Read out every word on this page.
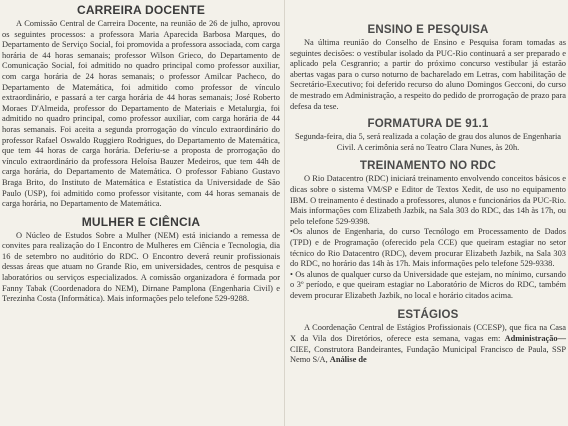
CARREIRA DOCENTE

A Comissão Central de Carreira Docente, na reunião de 26 de julho, aprovou os seguintes processos: a professora Maria Aparecida Barbosa Marques, do Departamento de Serviço Social, foi promovida a professora associada, com carga horária de 44 horas semanais; professor Wilson Grieco, do Departamento de Comunicação Social, foi admitido no quadro principal como professor auxiliar, com carga horária de 24 horas semanais; o professor Amilcar Pacheco, do Departamento de Matemática, foi admitido como professor de vínculo extraordinário, e passará a ter carga horária de 44 horas semanais; José Roberto Moraes D'Almeida, professor do Departamento de Materiais e Metalurgia, foi admitido no quadro principal, como professor auxiliar, com carga horária de 44 horas semanais. Foi aceita a segunda prorrogação do vínculo extraordinário do professor Rafael Oswaldo Ruggiero Rodrigues, do Departamento de Matemática, que tem 44 horas de carga horária. Deferiu-se a proposta de prorrogação do vínculo extraordinário da professora Heloísa Bauzer Medeiros, que tem 44h de carga horária, do Departamento de Matemática. O professor Fabiano Gustavo Braga Brito, do Instituto de Matemática e Estatística da Universidade de São Paulo (USP), foi admitido como professor visitante, com 44 horas semanais de carga horária, no Departamento de Matemática.

MULHER E CIÊNCIA

O Núcleo de Estudos Sobre a Mulher (NEM) está iniciando a remessa de convites para realização do I Encontro de Mulheres em Ciência e Tecnologia, dia 16 de setembro no auditório do RDC. O Encontro deverá reunir profissionais dessas áreas que atuam no Grande Rio, em universidades, centros de pesquisa e laboratórios ou serviços especializados. A comissão organizadora é formada por Fanny Tabak (Coordenadora do NEM), Dirnane Pamplona (Engenharia Civil) e Terezinha Costa (Informática). Mais informações pelo telefone 529-9288.

ENSINO E PESQUISA

Na última reunião do Conselho de Ensino e Pesquisa foram tomadas as seguintes decisões: o vestibular isolado da PUC-Rio continuará a ser preparado e aplicado pela Cesgranrio; a partir do próximo concurso vestibular já estarão abertas vagas para o curso noturno de bacharelado em Letras, com habilitação de Secretário-Executivo; foi deferido recurso do aluno Domingos Gecconi, do curso de mestrado em Administração, a respeito do pedido de prorrogação de prazo para defesa da tese.

FORMATURA DE 91.1

Segunda-feira, dia 5, será realizada a colação de grau dos alunos de Engenharia Civil. A cerimônia será no Teatro Clara Nunes, às 20h.

TREINAMENTO NO RDC

O Rio Datacentro (RDC) iniciará treinamento envolvendo conceitos básicos e dicas sobre o sistema VM/SP e Editor de Textos Xedit, de uso no equipamento IBM. O treinamento é destinado a professores, alunos e funcionários da PUC-Rio. Mais informações com Elizabeth Jazbik, na Sala 303 do RDC, das 14h às 17h, ou pelo telefone 529-9398.

•Os alunos de Engenharia, do curso Tecnólogo em Processamento de Dados (TPD) e de Programação (oferecido pela CCE) que queiram estagiar no setor técnico do Rio Datacentro (RDC), devem procurar Elizabeth Jazbik, na Sala 303 do RDC, no horário das 14h às 17h. Mais informações pelo telefone 529-9338.

• Os alunos de qualquer curso da Universidade que estejam, no mínimo, cursando o 3º período, e que queiram estagiar no Laboratório de Micros do RDC, também devem procurar Elizabeth Jazbik, no local e horário citados acima.

ESTÁGIOS

A Coordenação Central de Estágios Profissionais (CCESP), que fica na Casa X da Vila dos Diretórios, oferece esta semana, vagas em: Administração— CIEE, Construtora Bandeirantes, Fundação Municipal Francisco de Paula, SSP Nemo S/A, Análise de
